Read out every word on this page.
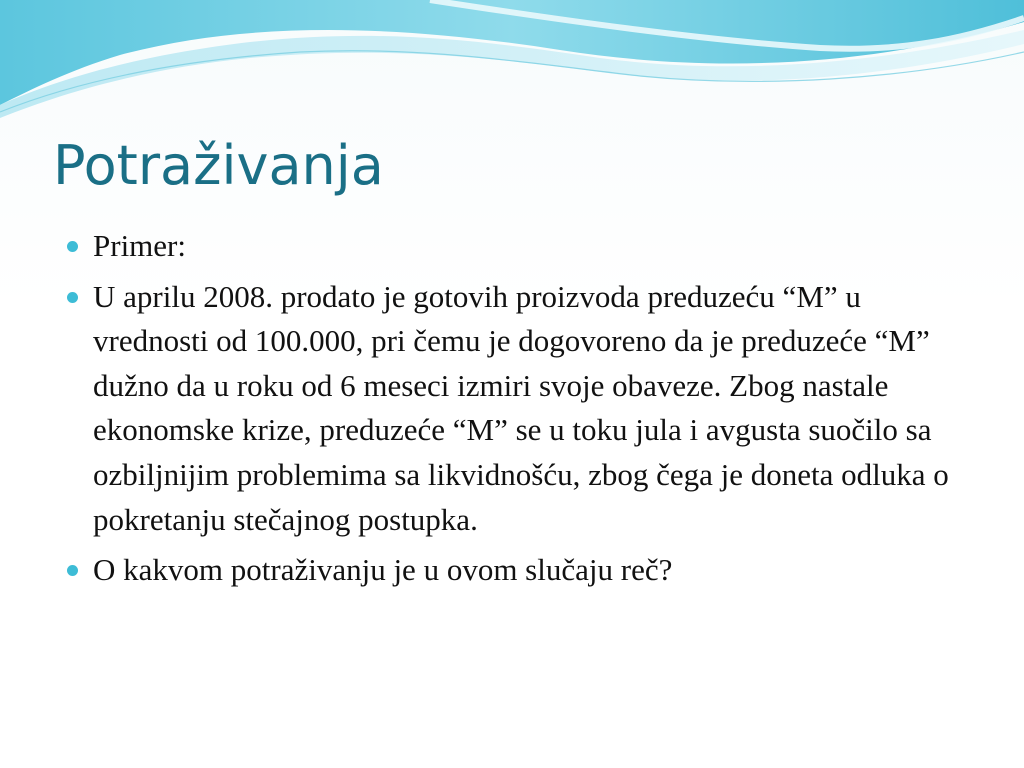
Potraživanja
Primer:
U aprilu 2008. prodato je gotovih proizvoda preduzeću “M” u vrednosti od 100.000, pri čemu je dogovoreno da je preduzeće “M” dužno da u roku od 6 meseci izmiri svoje obaveze. Zbog nastale ekonomske krize, preduzeće “M” se u toku jula i avgusta suočilo sa ozbiljnijim problemima sa likvidnošću, zbog čega je doneta odluka o pokretanju stečajnog postupka.
O kakvom potraživanju je u ovom slučaju reč?
